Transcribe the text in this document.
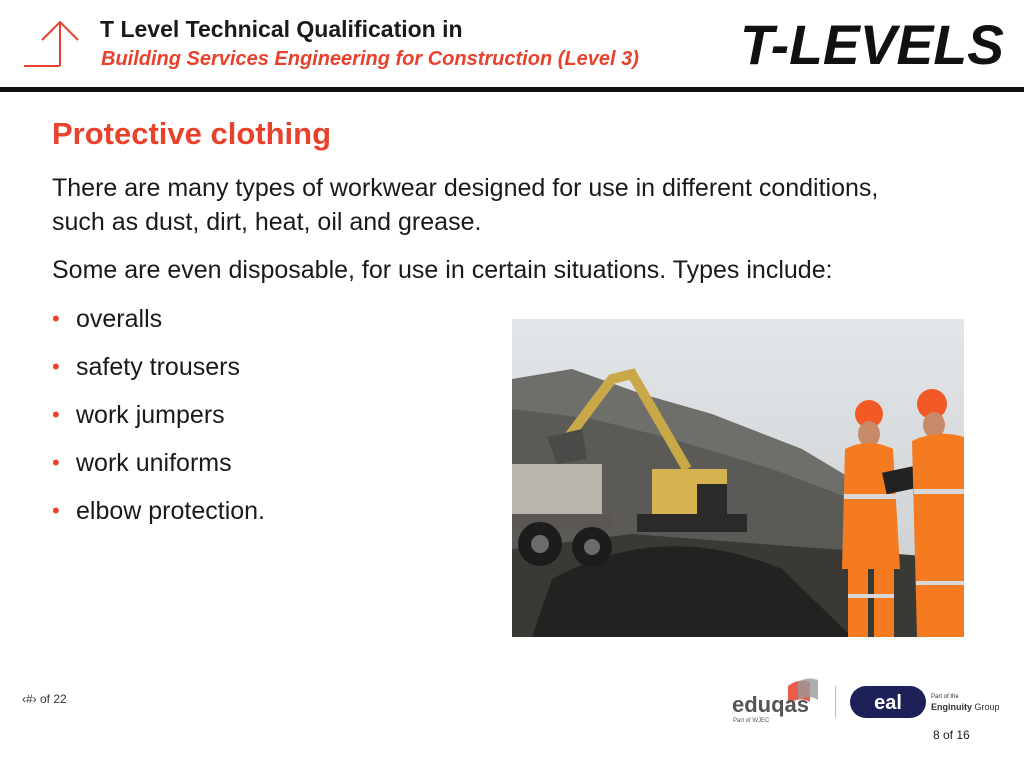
T Level Technical Qualification in
Building Services Engineering for Construction (Level 3) T-LEVELS
Protective clothing

There are many types of workwear designed for use in different conditions, such as dust, dirt, heat, oil and grease.

Some are even disposable, for use in certain situations. Types include:

• overalls
• safety trousers
• work jumpers
• work uniforms
• elbow protection.
‹#› of 22	eduqas
Part of WJEC
eal	Part of the
Enginuity Group
8 of 16
